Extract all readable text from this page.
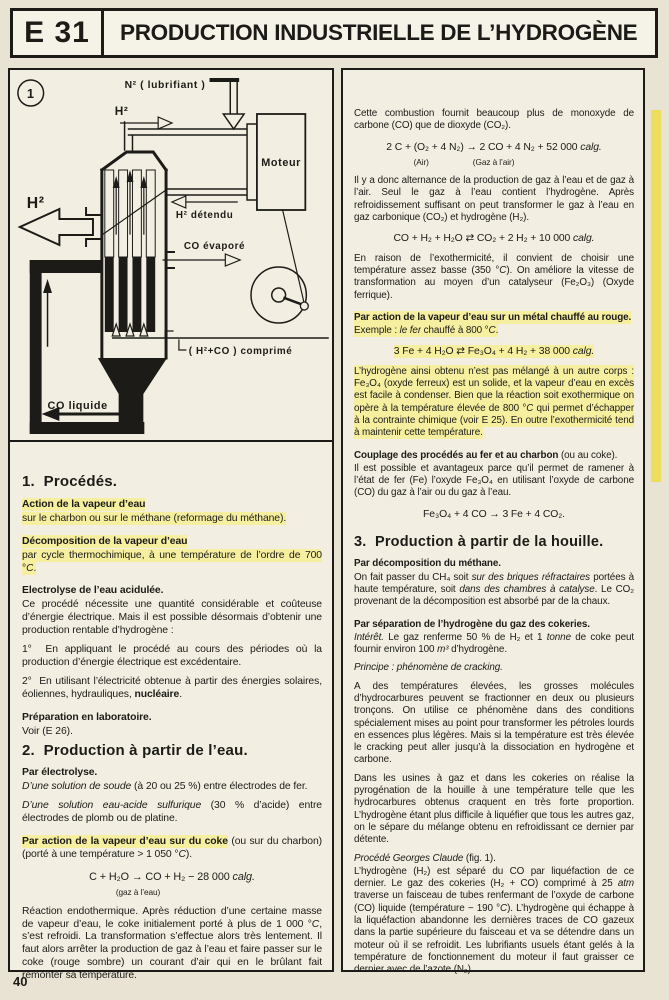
E 31	PRODUCTION INDUSTRIELLE DE L’HYDROGÈNE
1
N² ( lubrifiant )
H²
H²
H² détendu
CO évaporé
( H²+CO ) comprimé
CO liquide
Moteur

1.  Procédés.

Action de la vapeur d’eau

sur le charbon ou sur le méthane (reformage du méthane).

Décomposition de la vapeur d’eau

par cycle thermochimique, à une température de l’ordre de 700 °C.

Electrolyse de l’eau acidulée.

Ce procédé nécessite une quantité considérable et coûteuse d’énergie électrique. Mais il est possible désormais d’obtenir une production rentable d’hydrogène :

1°  En appliquant le procédé au cours des périodes où la production d’énergie électrique est excédentaire.

2°  En utilisant l’électricité obtenue à partir des énergies solaires, éoliennes, hydrauliques, nucléaire.

Préparation en laboratoire.

Voir (E 26).

2.  Production à partir de l’eau.

Par électrolyse.

D’une solution de soude (à 20 ou 25 %) entre électrodes de fer.

D’une solution eau-acide sulfurique (30 % d’acide) entre électrodes de plomb ou de platine.

Par action de la vapeur d’eau sur du coke (ou sur du charbon) (porté à une température > 1 050 °C).

C + H₂O → CO + H₂ − 28 000 calg.
(gaz à l’eau)

Réaction endothermique. Après réduction d’une certaine masse de vapeur d’eau, le coke initialement porté à plus de 1 000 °C, s’est refroidi. La transformation s’effectue alors très lentement. Il faut alors arrêter la production de gaz à l’eau et faire passer sur le coke (rouge sombre) un courant d’air qui en le brûlant fait remonter sa température.

Cette combustion fournit beaucoup plus de monoxyde de carbone (CO) que de dioxyde (CO₂).

2 C + (O₂ + 4 N₂) → 2 CO + 4 N₂ + 52 000 calg.
(Air)	(Gaz à l’air)

Il y a donc alternance de la production de gaz à l’eau et de gaz à l’air. Seul le gaz à l’eau contient l’hydrogène. Après refroidissement suffisant on peut transformer le gaz à l’eau en gaz carbonique (CO₂) et hydrogène (H₂).

CO + H₂ + H₂O ⇄ CO₂ + 2 H₂ + 10 000 calg.

En raison de l’exothermicité, il convient de choisir une température assez basse (350 °C). On améliore la vitesse de transformation au moyen d’un catalyseur (Fe₂O₃) (Oxyde ferrique).

Par action de la vapeur d’eau sur un métal chauffé au rouge.

Exemple : le fer chauffé à 800 °C.

3 Fe + 4 H₂O ⇄ Fe₃O₄ + 4 H₂ + 38 000 calg.

L’hydrogène ainsi obtenu n’est pas mélangé à un autre corps : Fe₃O₄ (oxyde ferreux) est un solide, et la vapeur d’eau en excès est facile à condenser. Bien que la réaction soit exothermique on opère à la température élevée de 800 °C qui permet d’échapper à la contrainte chimique (voir E 25). En outre l’exothermicité tend à maintenir cette température.

Couplage des procédés au fer et au charbon (ou au coke).

Il est possible et avantageux parce qu’il permet de ramener à l’état de fer (Fe) l’oxyde Fe₃O₄ en utilisant l’oxyde de carbone (CO) du gaz à l’air ou du gaz à l’eau.

Fe₃O₄ + 4 CO → 3 Fe + 4 CO₂.

3.  Production à partir de la houille.

Par décomposition du méthane.

On fait passer du CH₄ soit sur des briques réfractaires portées à haute température, soit dans des chambres à catalyse. Le CO₂ provenant de la décomposition est absorbé par de la chaux.

Par séparation de l’hydrogène du gaz des cokeries.

Intérêt. Le gaz renferme 50 % de H₂ et 1 tonne de coke peut fournir environ 100 m³ d’hydrogène.

Principe : phénomène de cracking.

A des températures élevées, les grosses molécules d’hydrocarbures peuvent se fractionner en deux ou plusieurs tronçons. On utilise ce phénomène dans des conditions spécialement mises au point pour transformer les pétroles lourds en essences plus légères. Mais si la température est très élevée le cracking peut aller jusqu’à la dissociation en hydrogène et carbone.

Dans les usines à gaz et dans les cokeries on réalise la pyrogénation de la houille à une température telle que les hydrocarbures obtenus craquent en très forte proportion. L’hydrogène étant plus difficile à liquéfier que tous les autres gaz, on le sépare du mélange obtenu en refroidissant ce dernier par détente.

Procédé Georges Claude (fig. 1).

L’hydrogène (H₂) est séparé du CO par liquéfaction de ce dernier. Le gaz des cokeries (H₂ + CO) comprimé à 25 atm traverse un faisceau de tubes renfermant de l’oxyde de carbone (CO) liquide (température − 190 °C). L’hydrogène qui échappe à la liquéfaction abandonne les dernières traces de CO gazeux dans la partie supérieure du faisceau et va se détendre dans un moteur où il se refroidit. Les lubrifiants usuels étant gelés à la température de fonctionnement du moteur il faut graisser ce dernier avec de l’azote (N₂).

40
